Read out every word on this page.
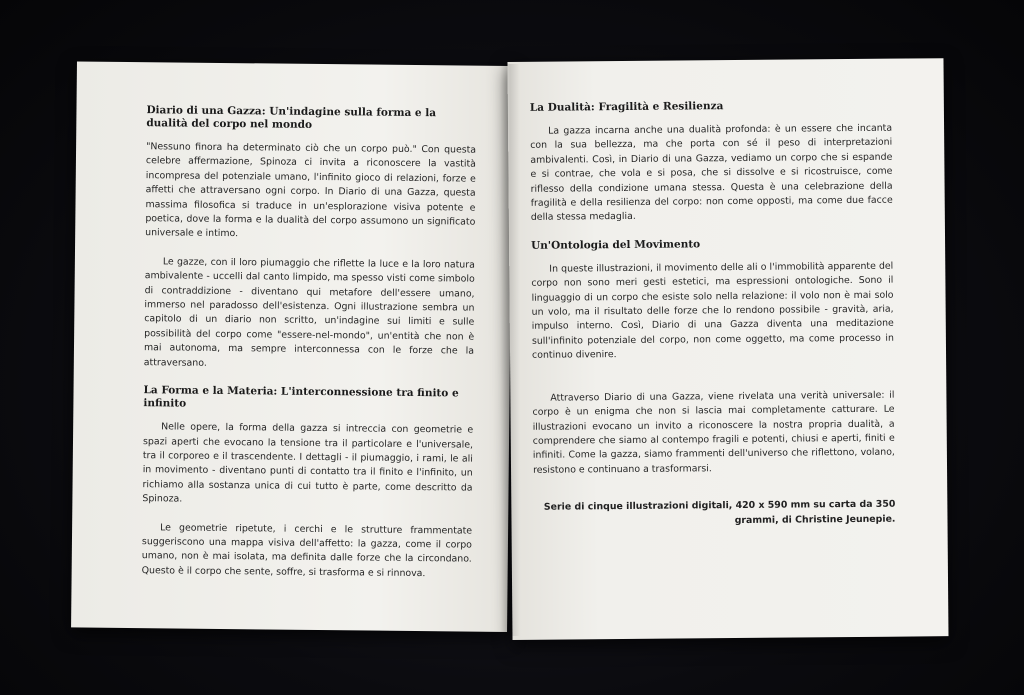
Diario di una Gazza: Un'indagine sulla forma e la dualità del corpo nel mondo

"Nessuno finora ha determinato ciò che un corpo può." Con questa celebre affermazione, Spinoza ci invita a riconoscere la vastità incompresa del potenziale umano, l'infinito gioco di relazioni, forze e affetti che attraversano ogni corpo. In Diario di una Gazza, questa massima filosofica si traduce in un'esplorazione visiva potente e poetica, dove la forma e la dualità del corpo assumono un significato universale e intimo.

Le gazze, con il loro piumaggio che riflette la luce e la loro natura ambivalente - uccelli dal canto limpido, ma spesso visti come simbolo di contraddizione - diventano qui metafore dell'essere umano, immerso nel paradosso dell'esistenza. Ogni illustrazione sembra un capitolo di un diario non scritto, un'indagine sui limiti e sulle possibilità del corpo come "essere-nel-mondo", un'entità che non è mai autonoma, ma sempre interconnessa con le forze che la attraversano.

La Forma e la Materia: L'interconnessione tra finito e infinito

Nelle opere, la forma della gazza si intreccia con geometrie e spazi aperti che evocano la tensione tra il particolare e l'universale, tra il corporeo e il trascendente. I dettagli - il piumaggio, i rami, le ali in movimento - diventano punti di contatto tra il finito e l'infinito, un richiamo alla sostanza unica di cui tutto è parte, come descritto da Spinoza.

Le geometrie ripetute, i cerchi e le strutture frammentate suggeriscono una mappa visiva dell'affetto: la gazza, come il corpo umano, non è mai isolata, ma definita dalle forze che la circondano. Questo è il corpo che sente, soffre, si trasforma e si rinnova.

La Dualità: Fragilità e Resilienza

La gazza incarna anche una dualità profonda: è un essere che incanta con la sua bellezza, ma che porta con sé il peso di interpretazioni ambivalenti. Così, in Diario di una Gazza, vediamo un corpo che si espande e si contrae, che vola e si posa, che si dissolve e si ricostruisce, come riflesso della condizione umana stessa. Questa è una celebrazione della fragilità e della resilienza del corpo: non come opposti, ma come due facce della stessa medaglia.

Un'Ontologia del Movimento

In queste illustrazioni, il movimento delle ali o l'immobilità apparente del corpo non sono meri gesti estetici, ma espressioni ontologiche. Sono il linguaggio di un corpo che esiste solo nella relazione: il volo non è mai solo un volo, ma il risultato delle forze che lo rendono possibile - gravità, aria, impulso interno. Così, Diario di una Gazza diventa una meditazione sull'infinito potenziale del corpo, non come oggetto, ma come processo in continuo divenire.

Attraverso Diario di una Gazza, viene rivelata una verità universale: il corpo è un enigma che non si lascia mai completamente catturare. Le illustrazioni evocano un invito a riconoscere la nostra propria dualità, a comprendere che siamo al contempo fragili e potenti, chiusi e aperti, finiti e infiniti. Come la gazza, siamo frammenti dell'universo che riflettono, volano, resistono e continuano a trasformarsi.

Serie di cinque illustrazioni digitali, 420 x 590 mm su carta da 350 grammi, di Christine Jeunepie.
